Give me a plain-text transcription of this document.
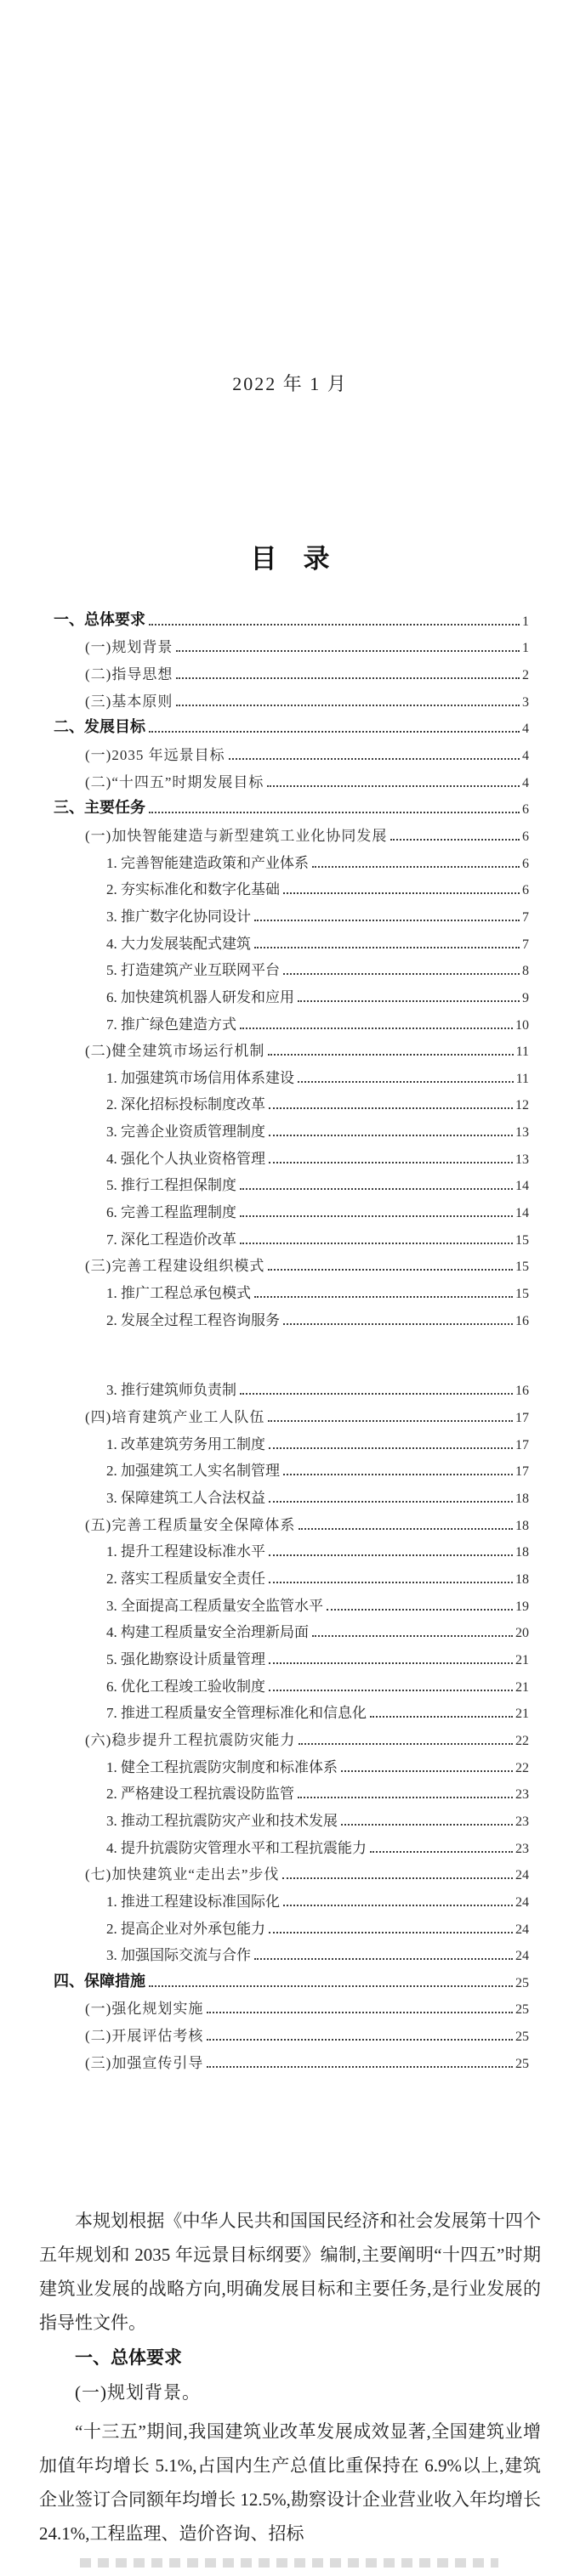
2022 年 1 月
目　录
一、总体要求	1
(一)规划背景	1
(二)指导思想	2
(三)基本原则	3
二、发展目标	4
(一)2035 年远景目标	4
(二)“十四五”时期发展目标	4
三、主要任务	6
(一)加快智能建造与新型建筑工业化协同发展	6
1. 完善智能建造政策和产业体系	6
2. 夯实标准化和数字化基础	6
3. 推广数字化协同设计	7
4. 大力发展装配式建筑	7
5. 打造建筑产业互联网平台	8
6. 加快建筑机器人研发和应用	9
7. 推广绿色建造方式	10
(二)健全建筑市场运行机制	11
1. 加强建筑市场信用体系建设	11
2. 深化招标投标制度改革	12
3. 完善企业资质管理制度	13
4. 强化个人执业资格管理	13
5. 推行工程担保制度	14
6. 完善工程监理制度	14
7. 深化工程造价改革	15
(三)完善工程建设组织模式	15
1. 推广工程总承包模式	15
2. 发展全过程工程咨询服务	16
3. 推行建筑师负责制	16
(四)培育建筑产业工人队伍	17
1. 改革建筑劳务用工制度	17
2. 加强建筑工人实名制管理	17
3. 保障建筑工人合法权益	18
(五)完善工程质量安全保障体系	18
1. 提升工程建设标准水平	18
2. 落实工程质量安全责任	18
3. 全面提高工程质量安全监管水平	19
4. 构建工程质量安全治理新局面	20
5. 强化勘察设计质量管理	21
6. 优化工程竣工验收制度	21
7. 推进工程质量安全管理标准化和信息化	21
(六)稳步提升工程抗震防灾能力	22
1. 健全工程抗震防灾制度和标准体系	22
2. 严格建设工程抗震设防监管	23
3. 推动工程抗震防灾产业和技术发展	23
4. 提升抗震防灾管理水平和工程抗震能力	23
(七)加快建筑业“走出去”步伐	24
1. 推进工程建设标准国际化	24
2. 提高企业对外承包能力	24
3. 加强国际交流与合作	24
四、保障措施	25
(一)强化规划实施	25
(二)开展评估考核	25
(三)加强宣传引导	25

本规划根据《中华人民共和国国民经济和社会发展第十四个五年规划和 2035 年远景目标纲要》编制,主要阐明“十四五”时期建筑业发展的战略方向,明确发展目标和主要任务,是行业发展的指导性文件。

一、总体要求

(一)规划背景。

“十三五”期间,我国建筑业改革发展成效显著,全国建筑业增加值年均增长 5.1%,占国内生产总值比重保持在 6.9%以上,建筑企业签订合同额年均增长 12.5%,勘察设计企业营业收入年均增长 24.1%,工程监理、造价咨询、招标
